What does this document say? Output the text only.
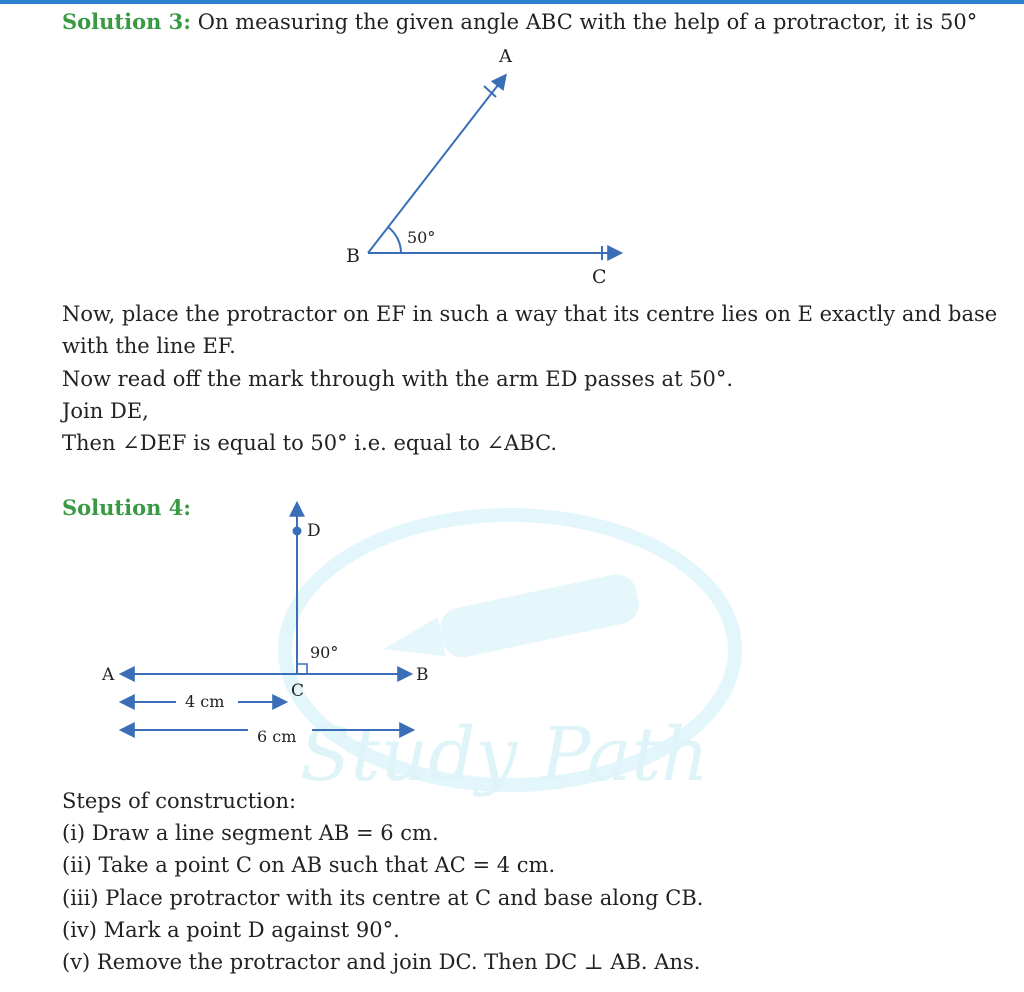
Study Path
Solution 3: On measuring the given angle ABC with the help of a protractor, it is 50°
A
B
C
50°
Now, place the protractor on EF in such a way that its centre lies on E exactly and base
with the line EF.
Now read off the mark through with the arm ED passes at 50°.
Join DE,
Then ∠DEF is equal to 50° i.e. equal to ∠ABC.
Solution 4:
D
A	B
C
90°
4 cm
6 cm
Steps of construction:
(i) Draw a line segment AB = 6 cm.
(ii) Take a point C on AB such that AC = 4 cm.
(iii) Place protractor with its centre at C and base along CB.
(iv) Mark a point D against 90°.
(v) Remove the protractor and join DC. Then DC ⊥ AB. Ans.
